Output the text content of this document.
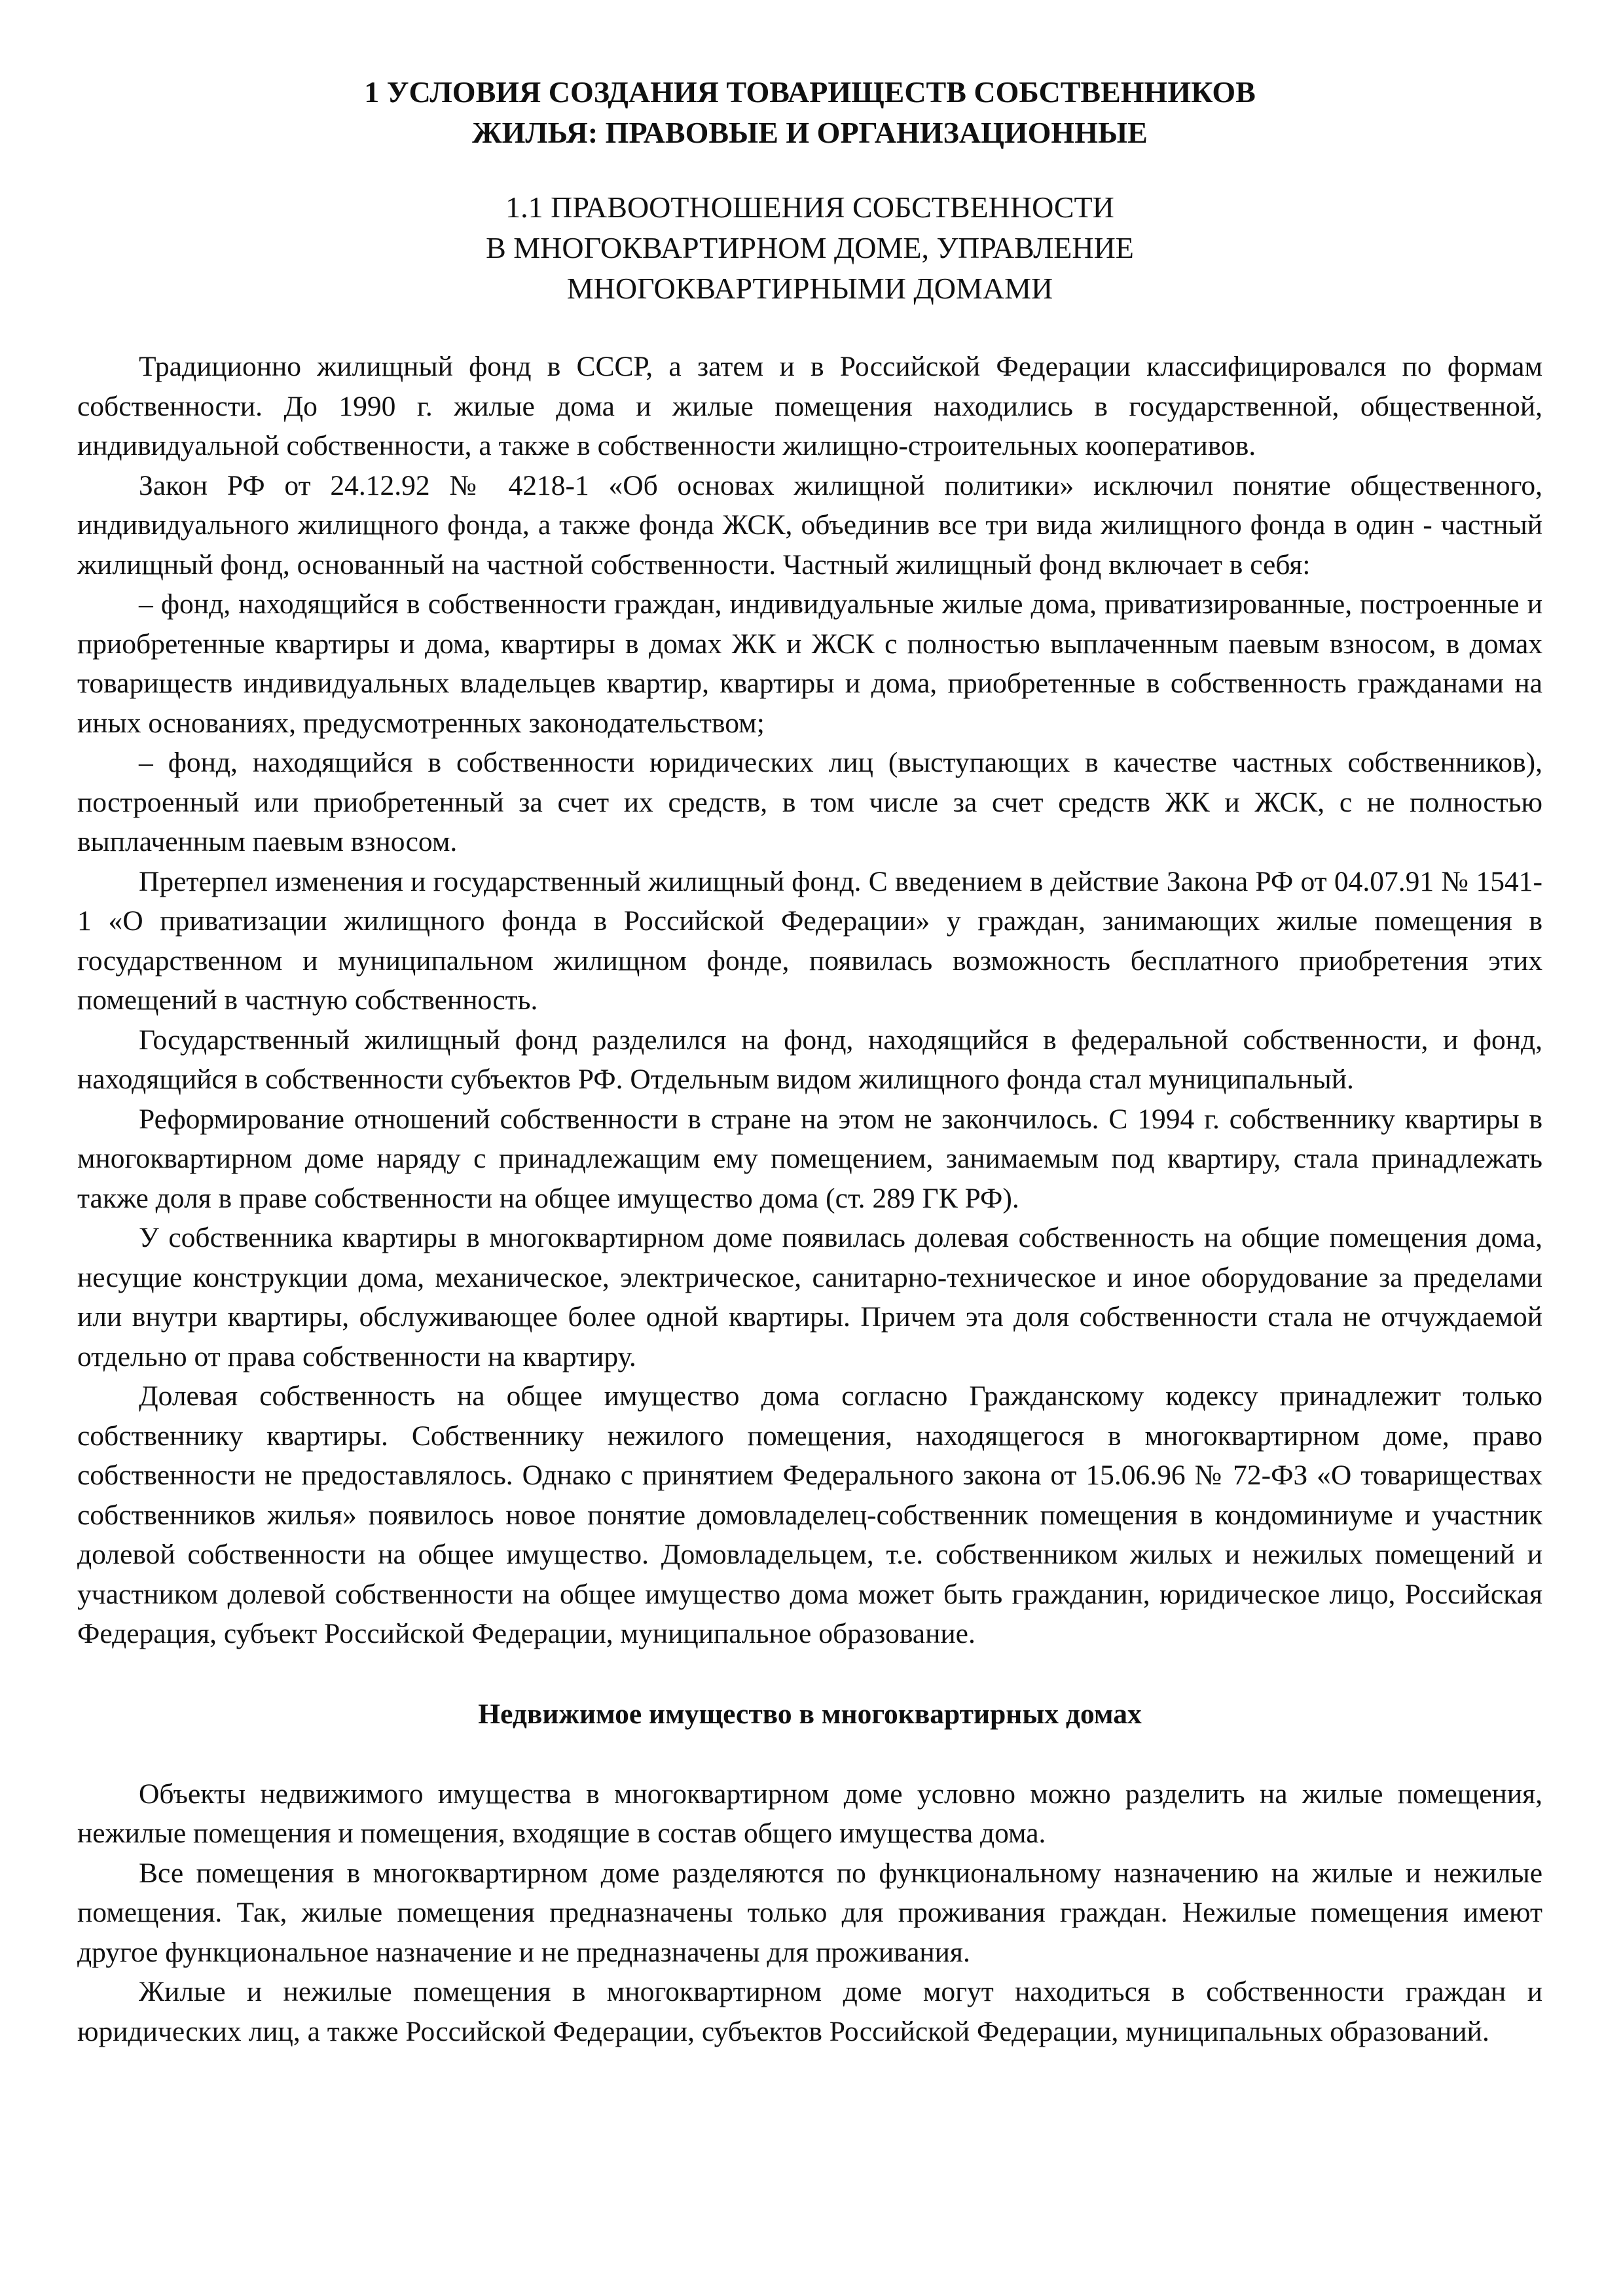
1 УСЛОВИЯ СОЗДАНИЯ ТОВАРИЩЕСТВ СОБСТВЕННИКОВ
ЖИЛЬЯ: ПРАВОВЫЕ И ОРГАНИЗАЦИОННЫЕ
1.1 ПРАВООТНОШЕНИЯ СОБСТВЕННОСТИ
В МНОГОКВАРТИРНОМ ДОМЕ, УПРАВЛЕНИЕ
МНОГОКВАРТИРНЫМИ ДОМАМИ

Традиционно жилищный фонд в СССР, а затем и в Российской Федерации классифицировался по формам собственности. До 1990 г. жилые дома и жилые помещения находились в государственной, общественной, индивидуальной собственности, а также в собственности жилищно-строительных кооперативов.

Закон РФ от 24.12.92 № 4218-1 «Об основах жилищной политики» исключил понятие общественного, индивидуального жилищного фонда, а также фонда ЖСК, объединив все три вида жилищного фонда в один - частный жилищный фонд, основанный на частной собственности. Частный жилищный фонд включает в себя:

– фонд, находящийся в собственности граждан, индивидуальные жилые дома, приватизированные, построенные и приобретенные квартиры и дома, квартиры в домах ЖК и ЖСК с полностью выплаченным паевым взносом, в домах товариществ индивидуальных владельцев квартир, квартиры и дома, приобретенные в собственность гражданами на иных основаниях, предусмотренных законодательством;

– фонд, находящийся в собственности юридических лиц (выступающих в качестве частных собственников), построенный или приобретенный за счет их средств, в том числе за счет средств ЖК и ЖСК, с не полностью выплаченным паевым взносом.

Претерпел изменения и государственный жилищный фонд. С введением в действие Закона РФ от 04.07.91 № 1541-1 «О приватизации жилищного фонда в Российской Федерации» у граждан, занимающих жилые помещения в государственном и муниципальном жилищном фонде, появилась возможность бесплатного приобретения этих помещений в частную собственность.

Государственный жилищный фонд разделился на фонд, находящийся в федеральной собственности, и фонд, находящийся в собственности субъектов РФ. Отдельным видом жилищного фонда стал муниципальный.

Реформирование отношений собственности в стране на этом не закончилось. С 1994 г. собственнику квартиры в многоквартирном доме наряду с принадлежащим ему помещением, занимаемым под квартиру, стала принадлежать также доля в праве собственности на общее имущество дома (ст. 289 ГК РФ).

У собственника квартиры в многоквартирном доме появилась долевая собственность на общие помещения дома, несущие конструкции дома, механическое, электрическое, санитарно-техническое и иное оборудование за пределами или внутри квартиры, обслуживающее более одной квартиры. Причем эта доля собственности стала не отчуждаемой отдельно от права собственности на квартиру.

Долевая собственность на общее имущество дома согласно Гражданскому кодексу принадлежит только собственнику квартиры. Собственнику нежилого помещения, находящегося в многоквартирном доме, право собственности не предоставлялось. Однако с принятием Федерального закона от 15.06.96 № 72-ФЗ «О товариществах собственников жилья» появилось новое понятие домовладелец-собственник помещения в кондоминиуме и участник долевой собственности на общее имущество. Домовладельцем, т.е. собственником жилых и нежилых помещений и участником долевой собственности на общее имущество дома может быть гражданин, юридическое лицо, Российская Федерация, субъект Российской Федерации, муниципальное образование.

Недвижимое имущество в многоквартирных домах

Объекты недвижимого имущества в многоквартирном доме условно можно разделить на жилые помещения, нежилые помещения и помещения, входящие в состав общего имущества дома.

Все помещения в многоквартирном доме разделяются по функциональному назначению на жилые и нежилые помещения. Так, жилые помещения предназначены только для проживания граждан. Нежилые помещения имеют другое функциональное назначение и не предназначены для проживания.

Жилые и нежилые помещения в многоквартирном доме могут находиться в собственности граждан и юридических лиц, а также Российской Федерации, субъектов Российской Федерации, муниципальных образований.
